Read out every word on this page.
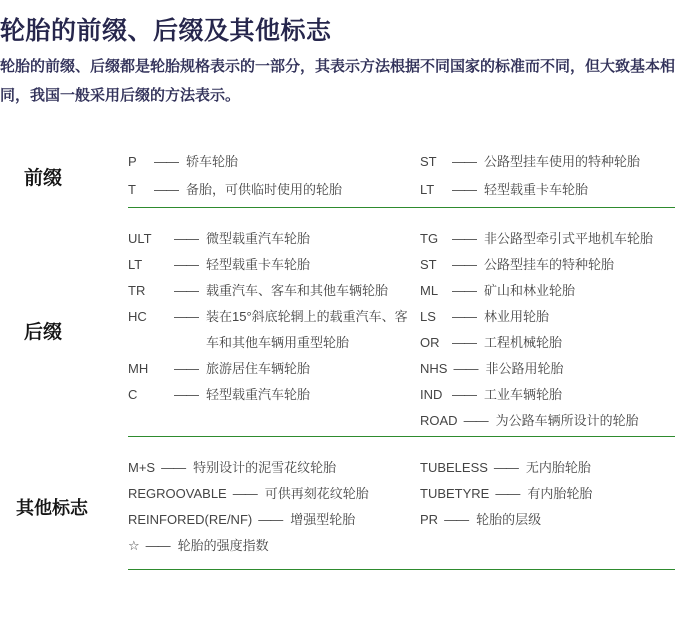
轮胎的前缀、后缀及其他标志

轮胎的前缀、后缀都是轮胎规格表示的一部分，其表示方法根据不同国家的标准而不同，但大致基本相同，我国一般采用后缀的方法表示。

前缀
P	—— 轿车轮胎
T	—— 备胎，可供临时使用的轮胎
ST	—— 公路型挂车使用的特种轮胎
LT	—— 轻型载重卡车轮胎
后缀
ULT	—— 微型载重汽车轮胎
LT	—— 轻型载重卡车轮胎
TR	—— 载重汽车、客车和其他车辆轮胎
HC	—— 装在15°斜底轮辋上的载重汽车、客车和其他车辆用重型轮胎
MH	—— 旅游居住车辆轮胎
C	—— 轻型载重汽车轮胎
TG	—— 非公路型牵引式平地机车轮胎
ST	—— 公路型挂车的特种轮胎
ML	—— 矿山和林业轮胎
LS	—— 林业用轮胎
OR —— 工程机械轮胎
NHS —— 非公路用轮胎
IND —— 工业车辆轮胎
ROAD —— 为公路车辆所设计的轮胎
其他标志
M+S —— 特别设计的泥雪花纹轮胎
REGROOVABLE —— 可供再刻花纹轮胎
REINFORED(RE/NF) —— 增强型轮胎
☆ —— 轮胎的强度指数
TUBELESS —— 无内胎轮胎
TUBETYRE —— 有内胎轮胎
PR —— 轮胎的层级
